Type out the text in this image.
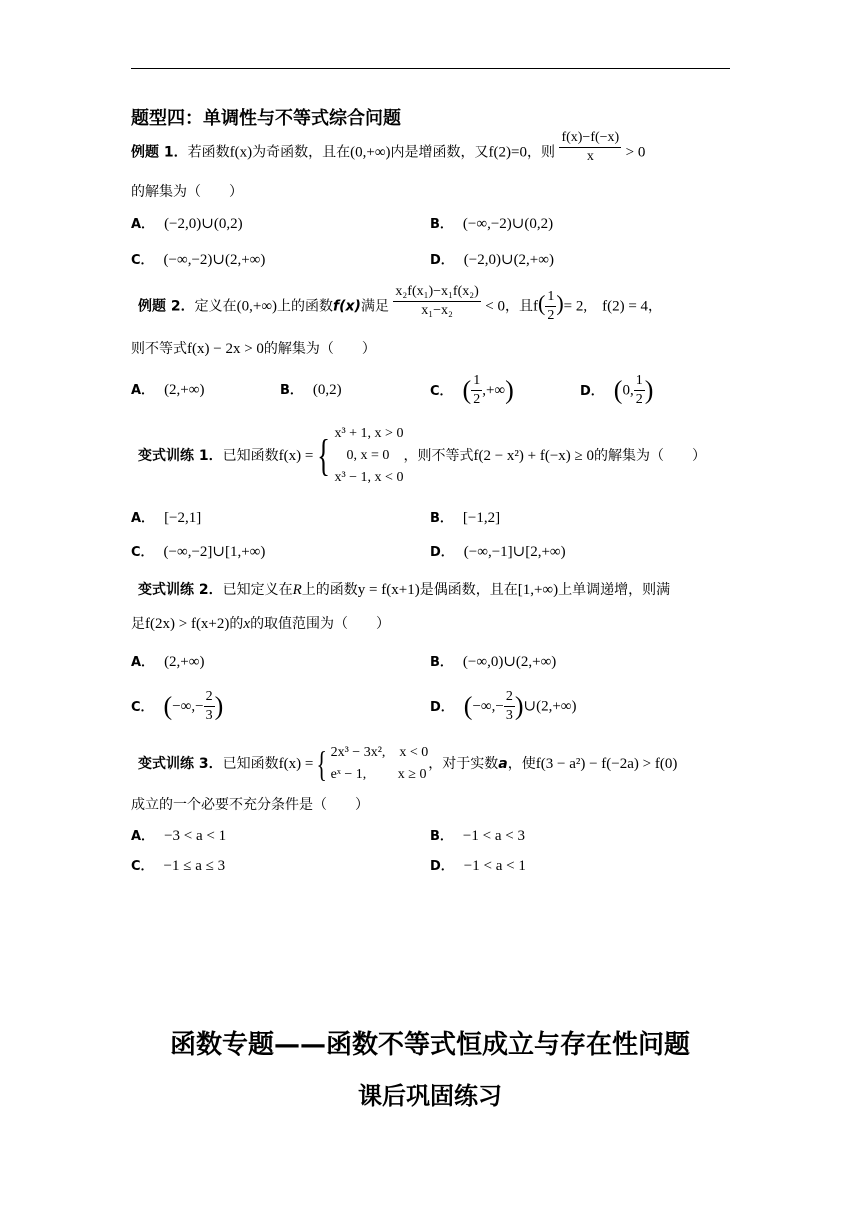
题型四：单调性与不等式综合问题
例题 1．若函数f(x)为奇函数，且在(0,+∞)内是增函数，又f(2)=0，则 $\frac{f(x)-f(-x)}{x} > 0$
的解集为（　　）
A． (−2,0)∪(0,2)	B． (−∞,−2)∪(0,2)
C． (−∞,−2)∪(2,+∞)	D． (−2,0)∪(2,+∞)
例题 2．定义在(0,+∞)上的函数f(x)满足 $\frac{\text{x₂f(x₁)−x₁f(x₂)}}{\text{x₁−x₂}} < 0$，且$f( \frac{1}{2}$ )= 2,　f(2) = 4，
则不等式f(x) − 2x > 0的解集为（　　）
A． (2,+∞)	B． (0,2)	C． ( $\frac{1}{2}$ ,+∞)	D． (0, $\frac{1}{2}$ )
变式训练 1．已知函数f(x) ={ x³ + 1, x > 0
0, x = 0
x³ − 1, x < 0
，则不等式f(2 − x²) + f(−x) ≥ 0的解集为（　　）
A． [−2,1]	B． [−1,2]
C． (−∞,−2]∪[1,+∞)	D． (−∞,−1]∪[2,+∞)
变式训练 2．已知定义在R上的函数y = f(x+1)是偶函数，且在[1,+∞)上单调递增，则满
足f(2x) > f(x+2)的x的取值范围为（　　）
A． (2,+∞)	B． (−∞,0)∪(2,+∞)
C． (−∞,− $\frac{2}{3}$ )	D． (−∞,− $\frac{2}{3}$ )∪(2,+∞)
变式训练 3．已知函数f(x) ={ 2x³ − 3x²,　x < 0
eˣ − 1,　　 x ≥ 0
，对于实数a，使f(3 − a²) − f(−2a) > f(0)
成立的一个必要不充分条件是（　　）
A． −3 < a < 1	B． −1 < a < 3
C． −1 ≤ a ≤ 3	D． −1 < a < 1
函数专题——函数不等式恒成立与存在性问题
课后巩固练习
